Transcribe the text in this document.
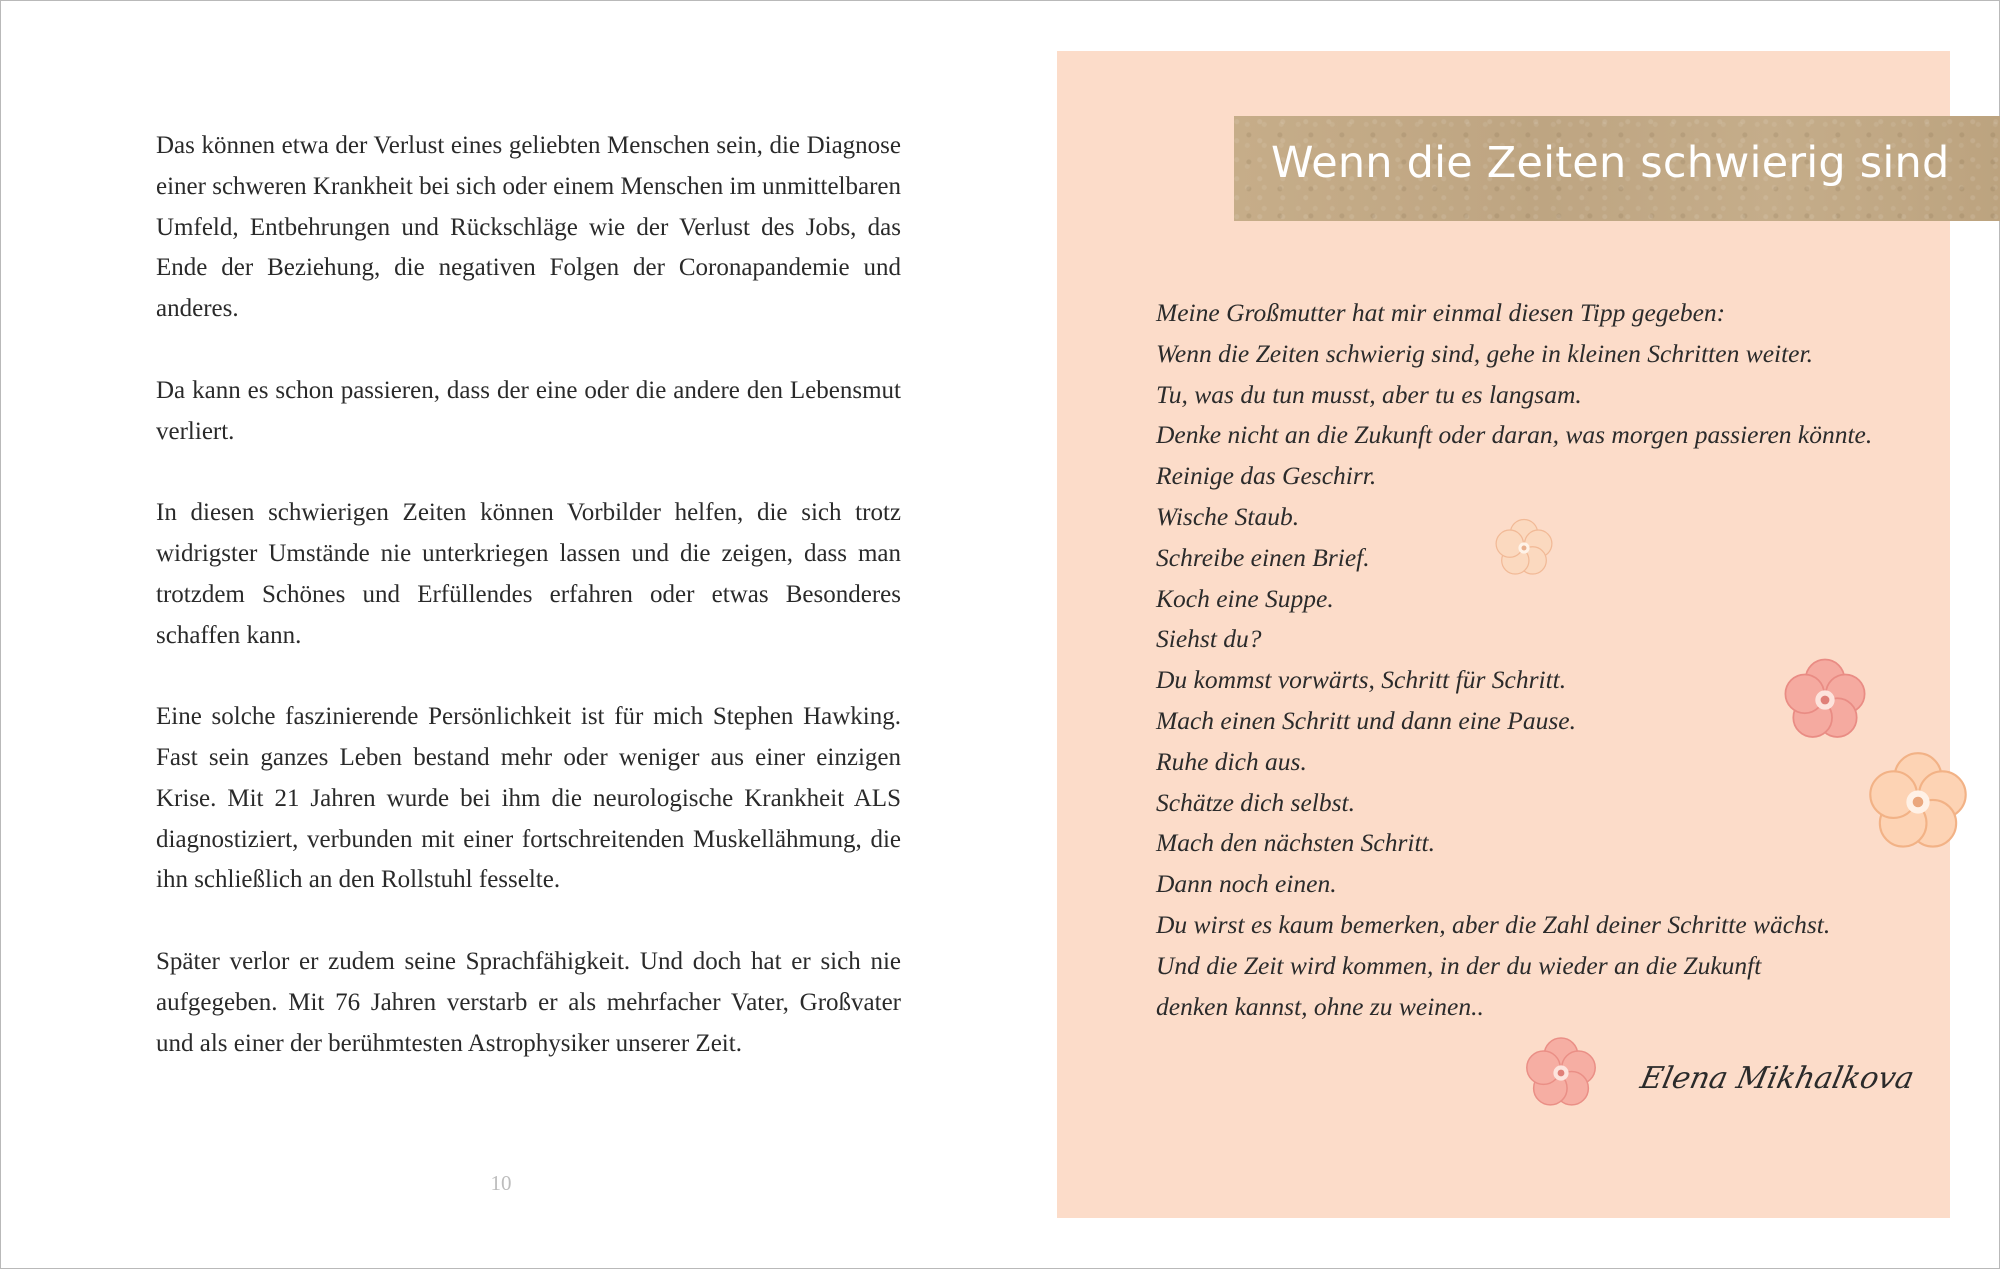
Das können etwa der Verlust eines geliebten Menschen sein, die Diagnose einer schweren Krankheit bei sich oder einem Menschen im unmittelbaren Umfeld, Entbehrungen und Rückschläge wie der Verlust des Jobs, das Ende der Beziehung, die negativen Folgen der Coronapandemie und anderes.

Da kann es schon passieren, dass der eine oder die andere den Lebensmut verliert.

In diesen schwierigen Zeiten können Vorbilder helfen, die sich trotz widrigster Umstände nie unterkriegen lassen und die zeigen, dass man trotzdem Schönes und Erfüllendes erfahren oder etwas Besonderes schaffen kann.

Eine solche faszinierende Persönlichkeit ist für mich Stephen Hawking. Fast sein ganzes Leben bestand mehr oder weniger aus einer einzigen Krise. Mit 21 Jahren wurde bei ihm die neurologische Krankheit ALS diagnostiziert, verbunden mit einer fortschreitenden Muskellähmung, die ihn schließlich an den Rollstuhl fesselte.

Später verlor er zudem seine Sprachfähigkeit. Und doch hat er sich nie aufgegeben. Mit 76 Jahren verstarb er als mehrfacher Vater, Großvater und als einer der berühmtesten Astrophysiker unserer Zeit.

10
Wenn die Zeiten schwierig sind
Meine Großmutter hat mir einmal diesen Tipp gegeben:
Wenn die Zeiten schwierig sind, gehe in kleinen Schritten weiter.
Tu, was du tun musst, aber tu es langsam.
Denke nicht an die Zukunft oder daran, was morgen passieren könnte.
Reinige das Geschirr.
Wische Staub.
Schreibe einen Brief.
Koch eine Suppe.
Siehst du?
Du kommst vorwärts, Schritt für Schritt.
Mach einen Schritt und dann eine Pause.
Ruhe dich aus.
Schätze dich selbst.
Mach den nächsten Schritt.
Dann noch einen.
Du wirst es kaum bemerken, aber die Zahl deiner Schritte wächst.
Und die Zeit wird kommen, in der du wieder an die Zukunft
denken kannst, ohne zu weinen..
Elena Mikhalkova
